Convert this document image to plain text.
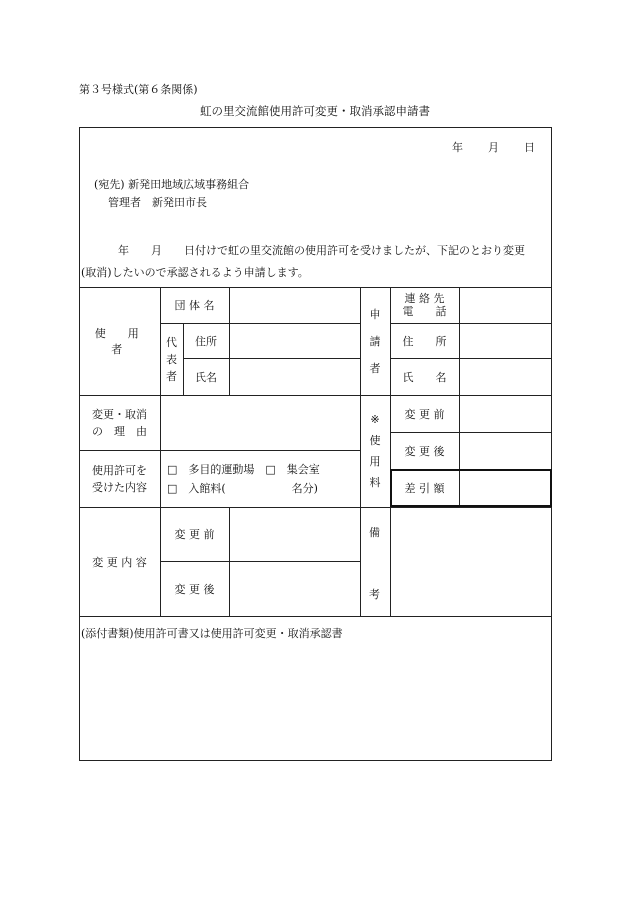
第３号様式(第６条関係)
虹の里交流館使用許可変更・取消承認申請書
年　　月　　日
(宛先) 新発田地域広域事務組合
管理者　新発田市長
年　　月　　日付けで虹の里交流館の使用許可を受けましたが、下記のとおり変更
(取消)したいので承認されるよう申請します。
使　用　者
団 体 名
代
表
者
住所
氏名
申
請
者
連 絡 先
電　　話
住　　所
氏　　名
変更・取消
の　理　由
※
使
用
料
変 更 前
変 更 後
差 引 額
使用許可を
受けた内容
□　多目的運動場　□　集会室
□　入館料(　　　　　　名分)
変 更 内 容
変 更 前
変 更 後
備
考
(添付書類)使用許可書又は使用許可変更・取消承認書
